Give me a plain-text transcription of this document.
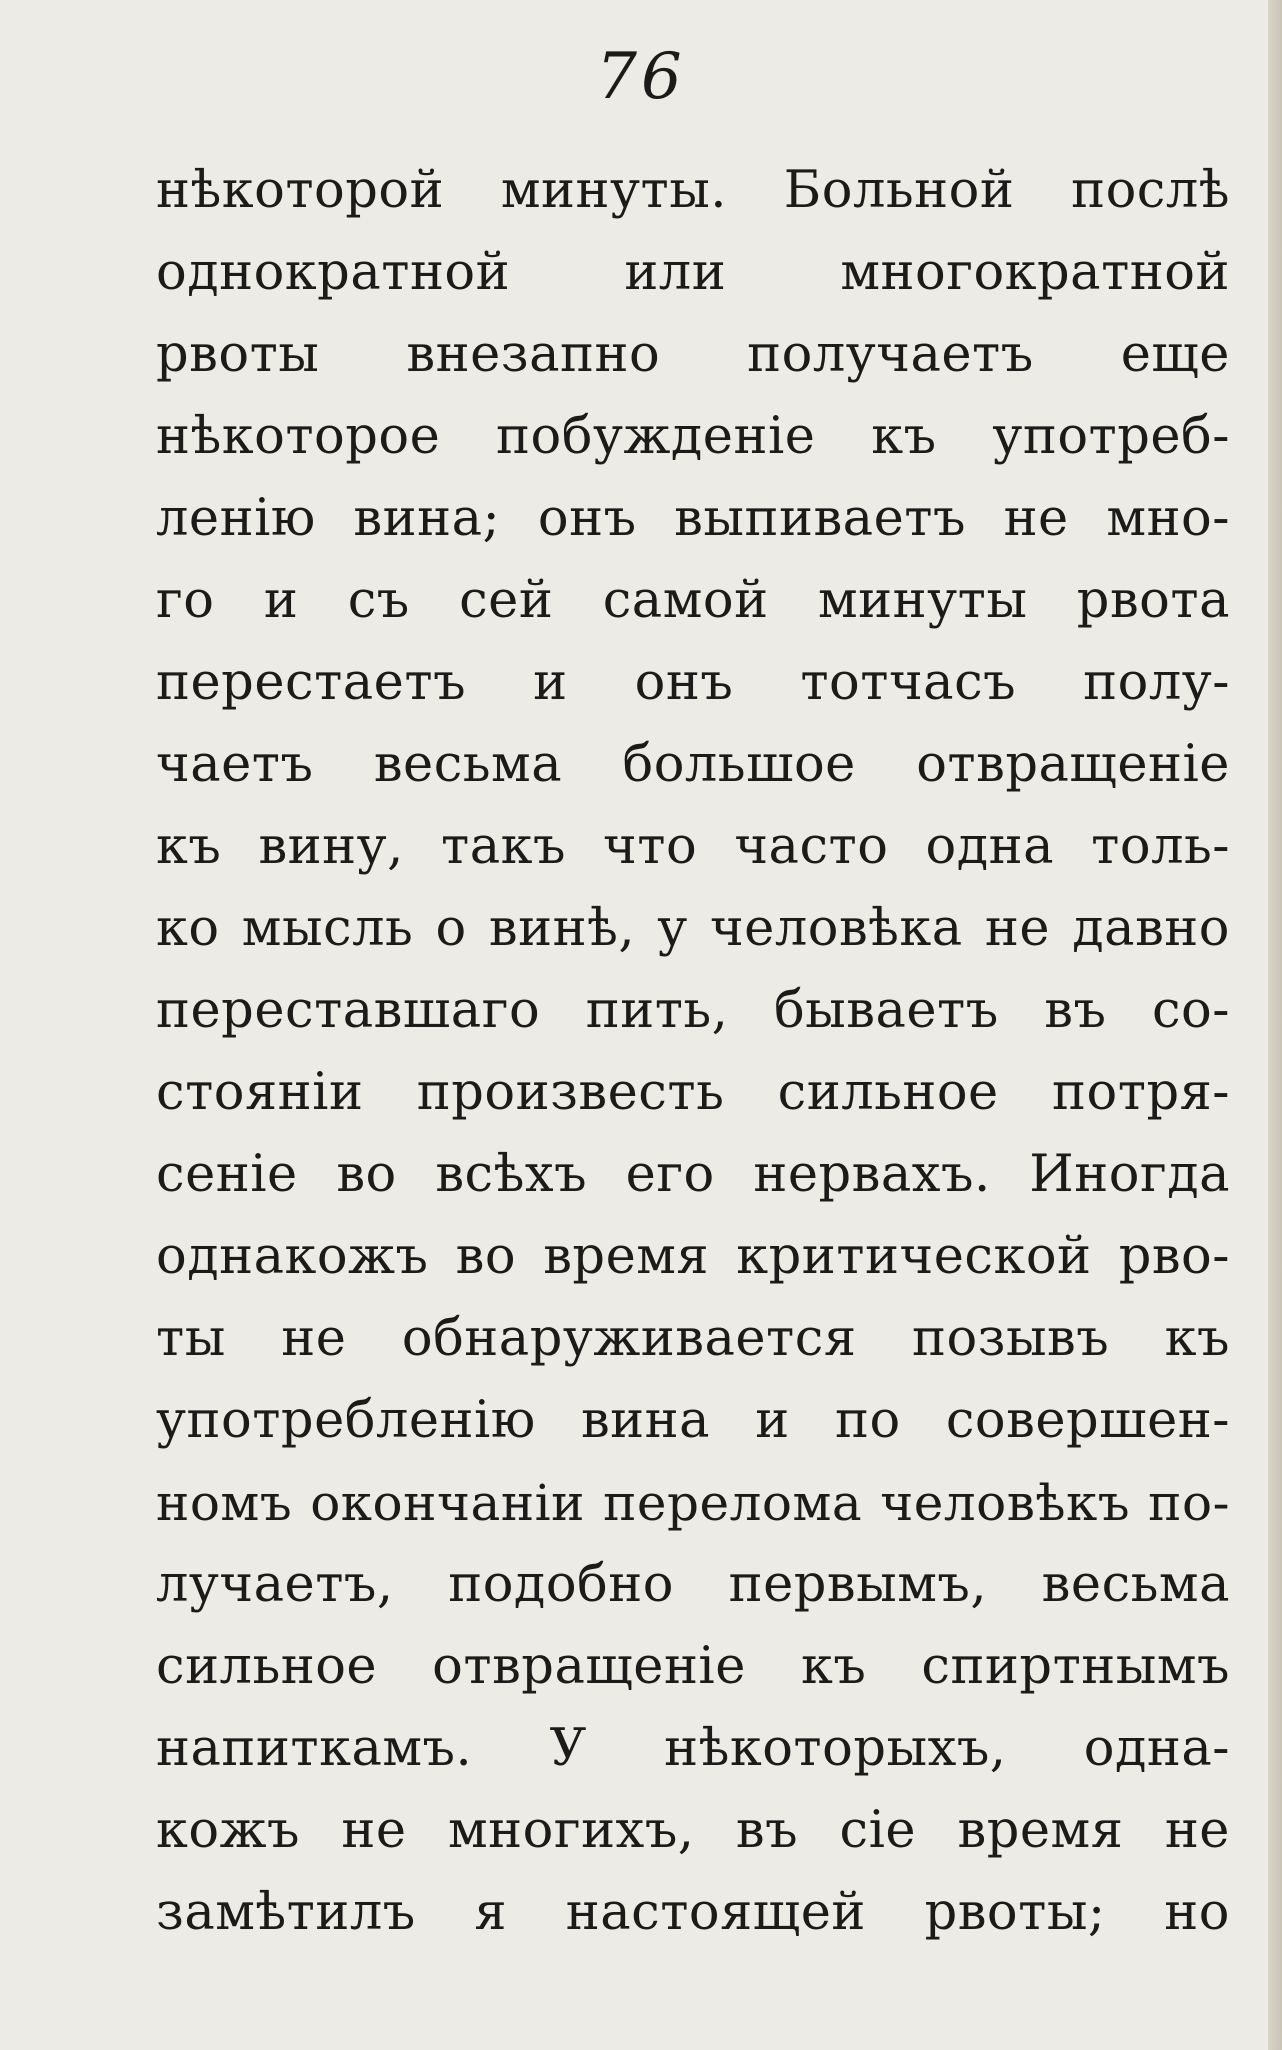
76
нѣкоторой минуты. Больной послѣ
однократной или многократной
рвоты внезапно получаетъ еще
нѣкоторое побужденіе къ употреб-
ленію вина; онъ выпиваетъ не мно-
го и съ сей самой минуты рвота
перестаетъ и онъ тотчасъ полу-
чаетъ весьма большое отвращеніе
къ вину, такъ что часто одна толь-
ко мысль о винѣ, у человѣка не давно
переставшаго пить, бываетъ въ со-
стояніи произвесть сильное потря-
сеніе во всѣхъ его нервахъ. Иногда
однакожъ во время критической рво-
ты не обнаруживается позывъ къ
употребленію вина и по совершен-
номъ окончаніи перелома человѣкъ по-
лучаетъ, подобно первымъ, весьма
сильное отвращеніе къ спиртнымъ
напиткамъ. У нѣкоторыхъ, одна-
кожъ не многихъ, въ сіе время не
замѣтилъ я настоящей рвоты; но
